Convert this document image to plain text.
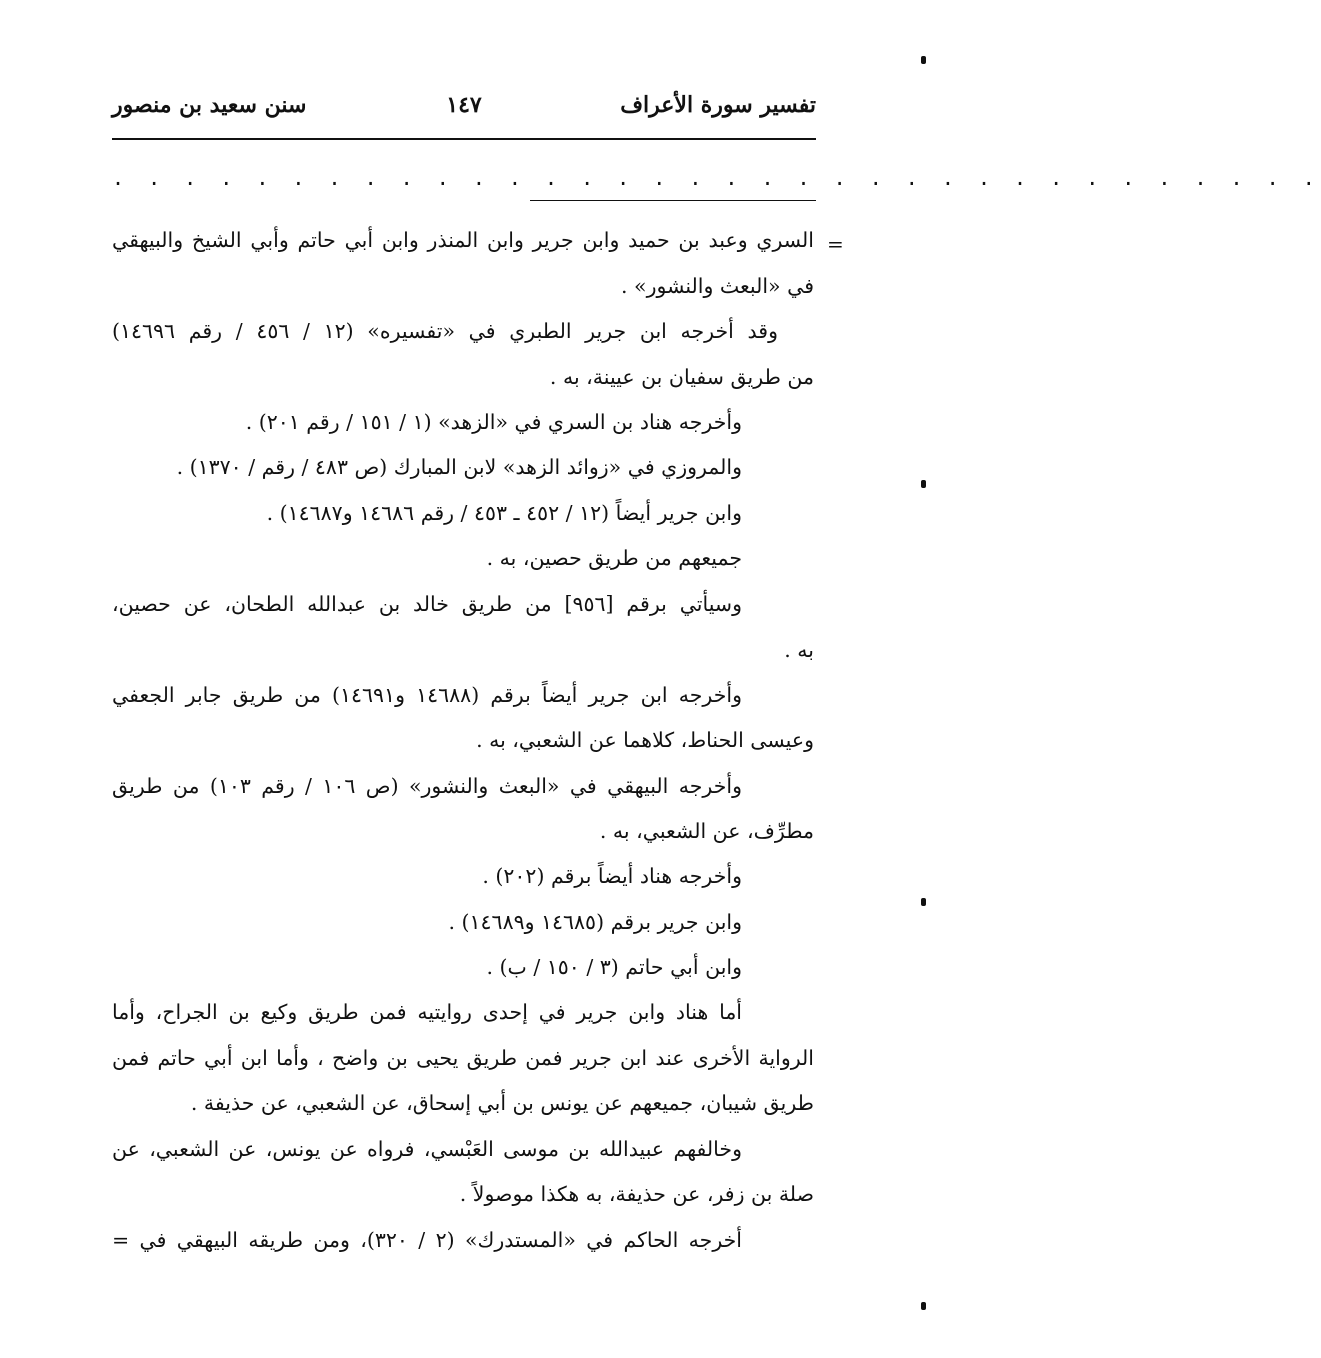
تفسير سورة الأعراف
١٤٧
سنن سعيد بن منصور
. . . . . . . . . . . . . . . . . . . . . . . . . . . . . . . . . .
=
السري وعبد بن حميد وابن جرير وابن المنذر وابن أبي حاتم وأبي الشيخ والبيهقي
في «البعث والنشور» .
وقد أخرجه ابن جرير الطبري في «تفسيره» (١٢ / ٤٥٦ / رقم ١٤٦٩٦)
من طريق سفيان بن عيينة، به .
وأخرجه هناد بن السري في «الزهد» (١ / ١٥١ / رقم ٢٠١) .
والمروزي في «زوائد الزهد» لابن المبارك (ص ٤٨٣ / رقم / ١٣٧٠) .
وابن جرير أيضاً (١٢ / ٤٥٢ ـ ٤٥٣ / رقم ١٤٦٨٦ و١٤٦٨٧) .
جميعهم من طريق حصين، به .
وسيأتي برقم [٩٥٦] من طريق خالد بن عبدالله الطحان، عن حصين،
به .
وأخرجه ابن جرير أيضاً برقم (١٤٦٨٨ و١٤٦٩١) من طريق جابر الجعفي
وعيسى الحناط، كلاهما عن الشعبي، به .
وأخرجه البيهقي في «البعث والنشور» (ص ١٠٦ / رقم ١٠٣) من طريق
مطرِّف، عن الشعبي، به .
وأخرجه هناد أيضاً برقم (٢٠٢) .
وابن جرير برقم (١٤٦٨٥ و١٤٦٨٩) .
وابن أبي حاتم (٣ / ١٥٠ / ب) .
أما هناد وابن جرير في إحدى روايتيه فمن طريق وكيع بن الجراح، وأما
الرواية الأخرى عند ابن جرير فمن طريق يحيى بن واضح ، وأما ابن أبي حاتم فمن
طريق شيبان، جميعهم عن يونس بن أبي إسحاق، عن الشعبي، عن حذيفة .
وخالفهم عبيدالله بن موسى العَبْسي، فرواه عن يونس، عن الشعبي، عن
صلة بن زفر، عن حذيفة، به هكذا موصولاً .
أخرجه الحاكم في «المستدرك» (٢ / ٣٢٠)، ومن طريقه البيهقي في =
